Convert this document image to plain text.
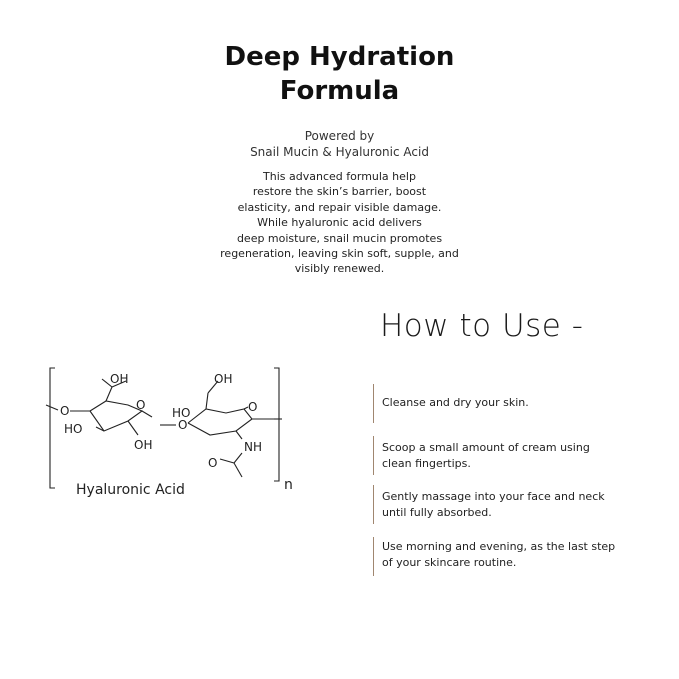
Deep Hydration
Formula
Powered by
Snail Mucin & Hyaluronic Acid
This advanced formula help
restore the skin’s barrier, boost
elasticity, and repair visible damage.
While hyaluronic acid delivers
deep moisture, snail mucin promotes
regeneration, leaving skin soft, supple, and
visibly renewed.
How to Use -
Cleanse and dry your skin.
Scoop a small amount of cream using
clean fingertips.
Gently massage into your face and neck
until fully absorbed.
Use morning and evening, as the last step
of your skincare routine.
OH	OH
O	O	O
O
HO
HO
OH	NH
O
Hyaluronic Acid	n
